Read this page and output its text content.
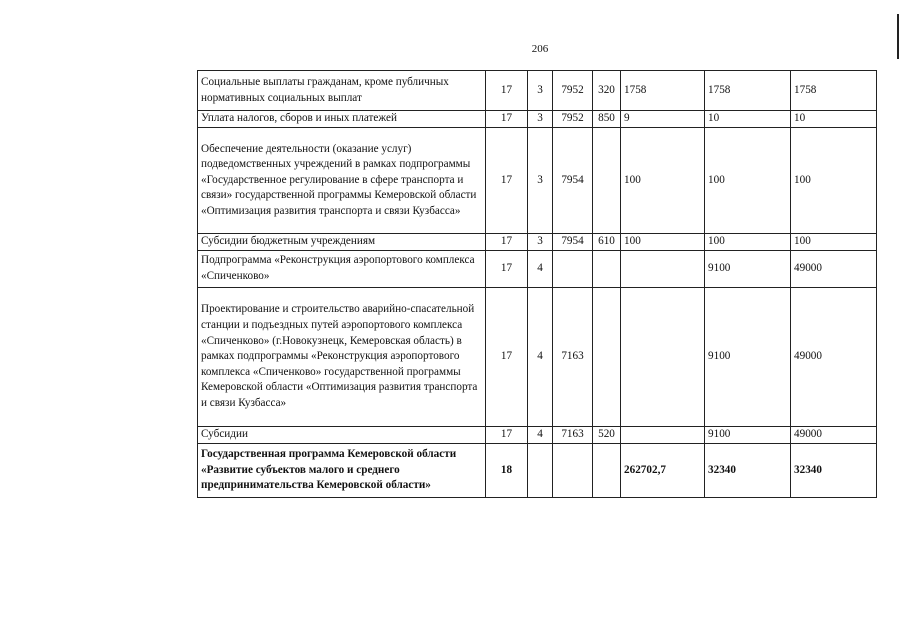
206
Социальные выплаты гражданам, кроме публичных нормативных социальных выплат	17	3	7952	320	1758	1758	1758
Уплата налогов, сборов и иных платежей	17	3	7952	850	9	10	10
Обеспечение деятельности (оказание услуг) подведомственных учреждений в рамках подпрограммы «Государственное регулирование в сфере транспорта и связи» государственной программы Кемеровской области «Оптимизация развития транспорта и связи Кузбасса»	17	3	7954		100	100	100
Субсидии бюджетным учреждениям	17	3	7954	610	100	100	100
Подпрограмма «Реконструкция аэропортового комплекса «Спиченково»	17	4				9100	49000
Проектирование и строительство аварийно-спасательной станции и подъездных путей аэропортового комплекса «Спиченково» (г.Новокузнецк, Кемеровская область) в рамках подпрограммы «Реконструкция аэропортового комплекса «Спиченково» государственной программы Кемеровской области «Оптимизация развития транспорта и связи Кузбасса»	17	4	7163			9100	49000
Субсидии	17	4	7163	520		9100	49000
Государственная программа Кемеровской области «Развитие субъектов малого и среднего предпринимательства Кемеровской области»	18				262702,7	32340	32340
